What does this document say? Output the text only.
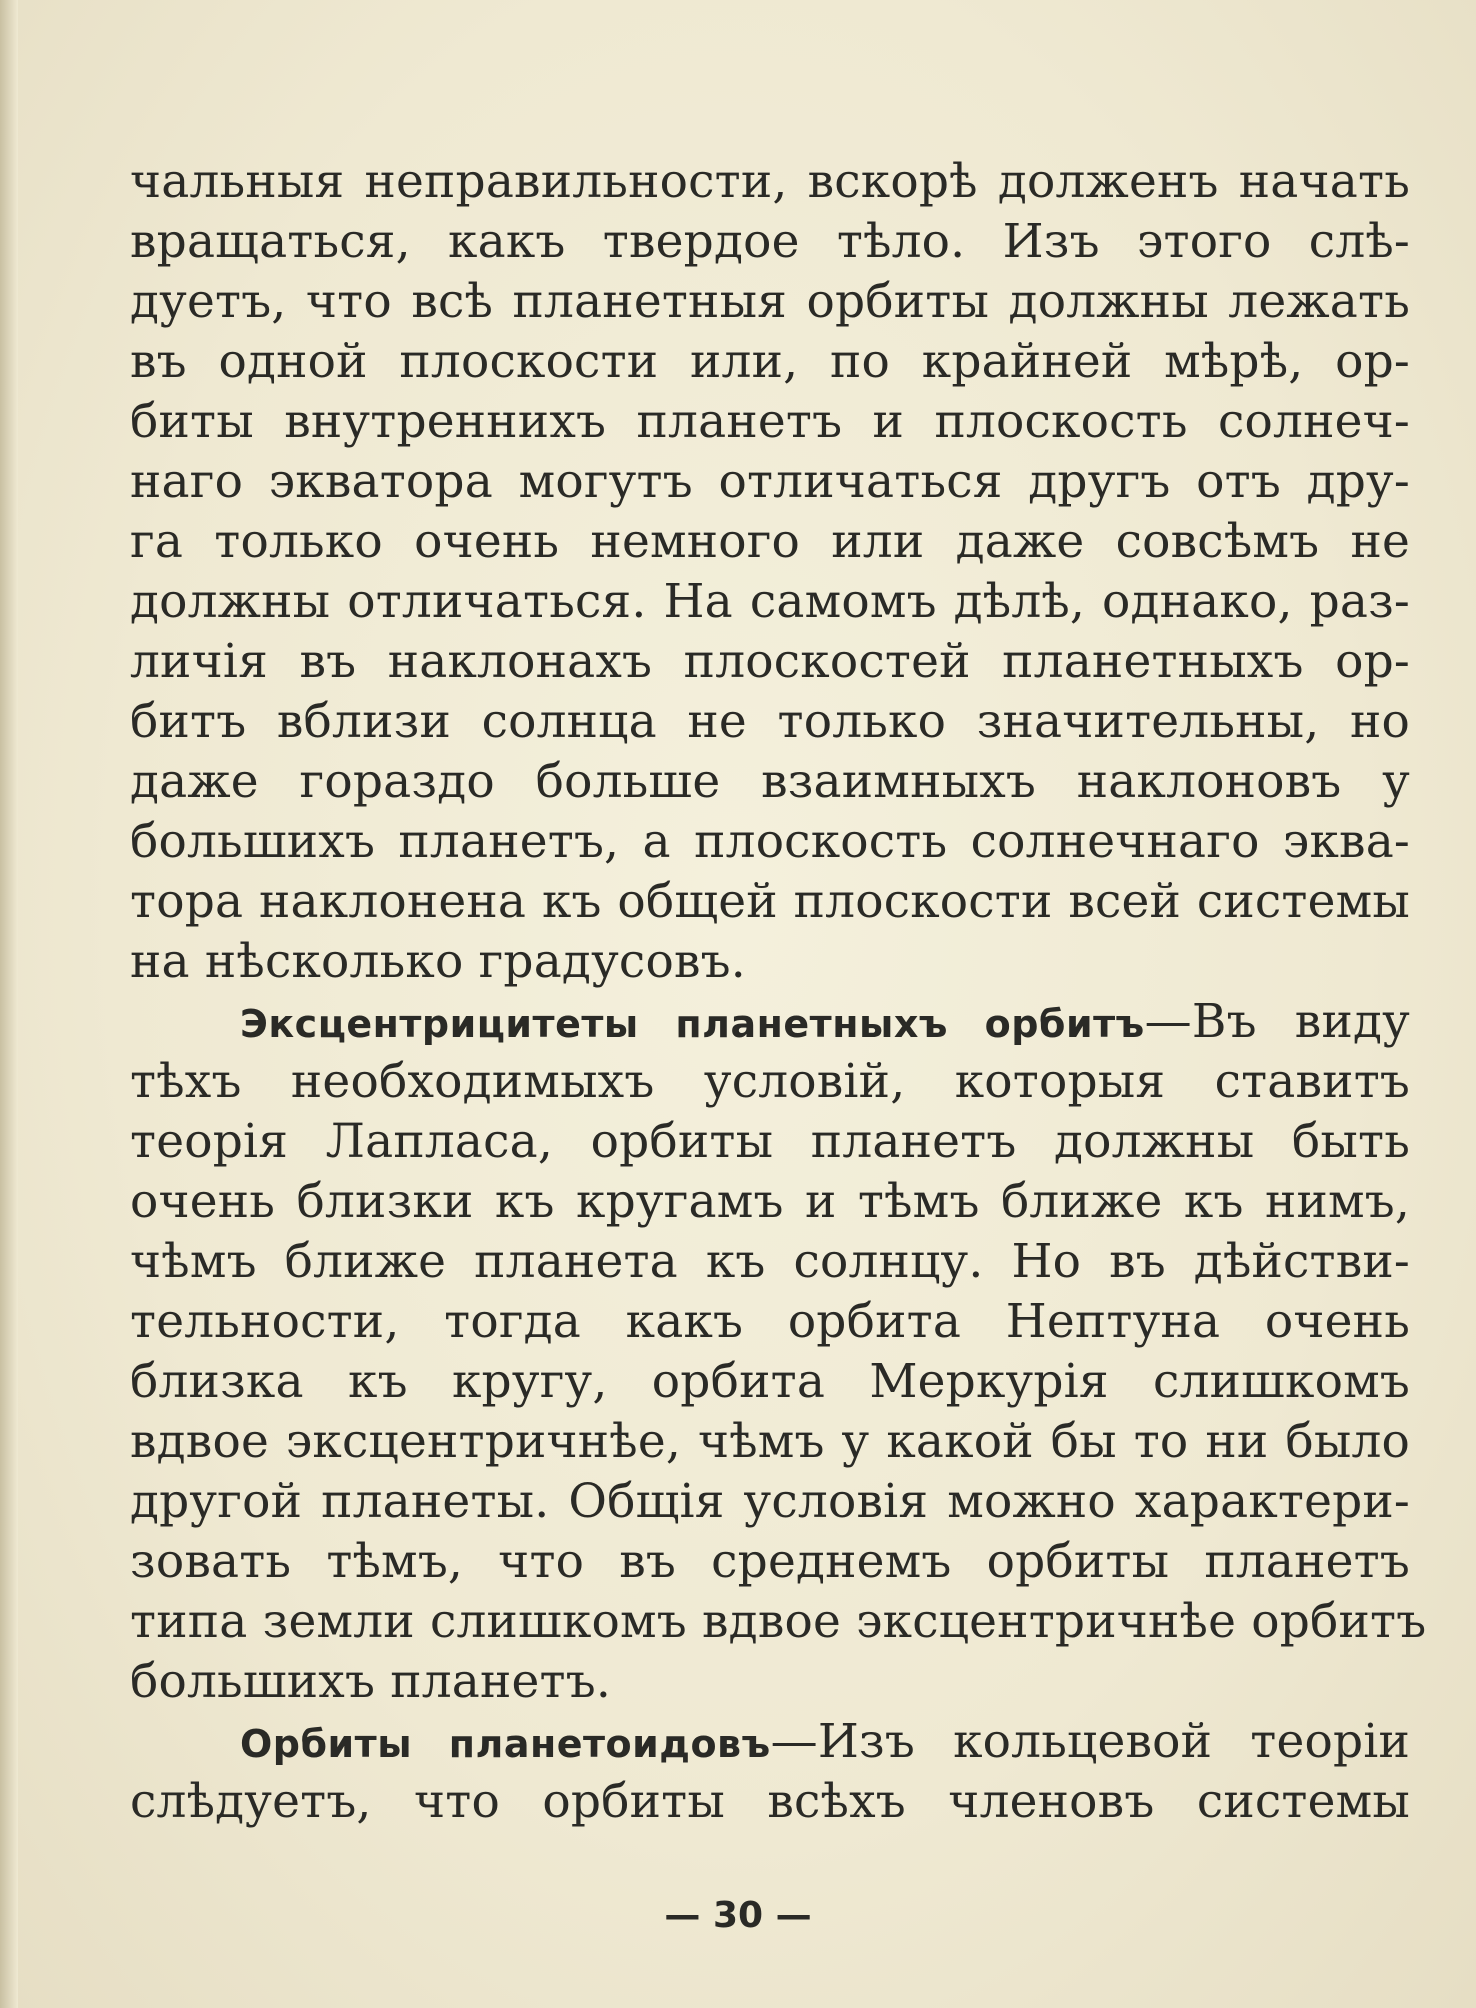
чальныя неправильности, вскорѣ долженъ начать
вращаться, какъ твердое тѣло. Изъ этого слѣ-
дуетъ, что всѣ планетныя орбиты должны лежать
въ одной плоскости или, по крайней мѣрѣ, ор-
биты внутреннихъ планетъ и плоскость солнеч-
наго экватора могутъ отличаться другъ отъ дру-
га только очень немного или даже совсѣмъ не
должны отличаться. На самомъ дѣлѣ, однако, раз-
личія въ наклонахъ плоскостей планетныхъ ор-
битъ вблизи солнца не только значительны, но
даже гораздо больше взаимныхъ наклоновъ у
большихъ планетъ, а плоскость солнечнаго эква-
тора наклонена къ общей плоскости всей системы
на нѣсколько градусовъ.
Эксцентрицитеты планетныхъ орбитъ—Въ виду
тѣхъ необходимыхъ условій, которыя ставитъ
теорія Лапласа, орбиты планетъ должны быть
очень близки къ кругамъ и тѣмъ ближе къ нимъ,
чѣмъ ближе планета къ солнцу. Но въ дѣйстви-
тельности, тогда какъ орбита Нептуна очень
близка къ кругу, орбита Меркурія слишкомъ
вдвое эксцентричнѣе, чѣмъ у какой бы то ни было
другой планеты. Общія условія можно характери-
зовать тѣмъ, что въ среднемъ орбиты планетъ
типа земли слишкомъ вдвое эксцентричнѣе орбитъ
большихъ планетъ.
Орбиты планетоидовъ—Изъ кольцевой теоріи
слѣдуетъ, что орбиты всѣхъ членовъ системы
— 30 —
